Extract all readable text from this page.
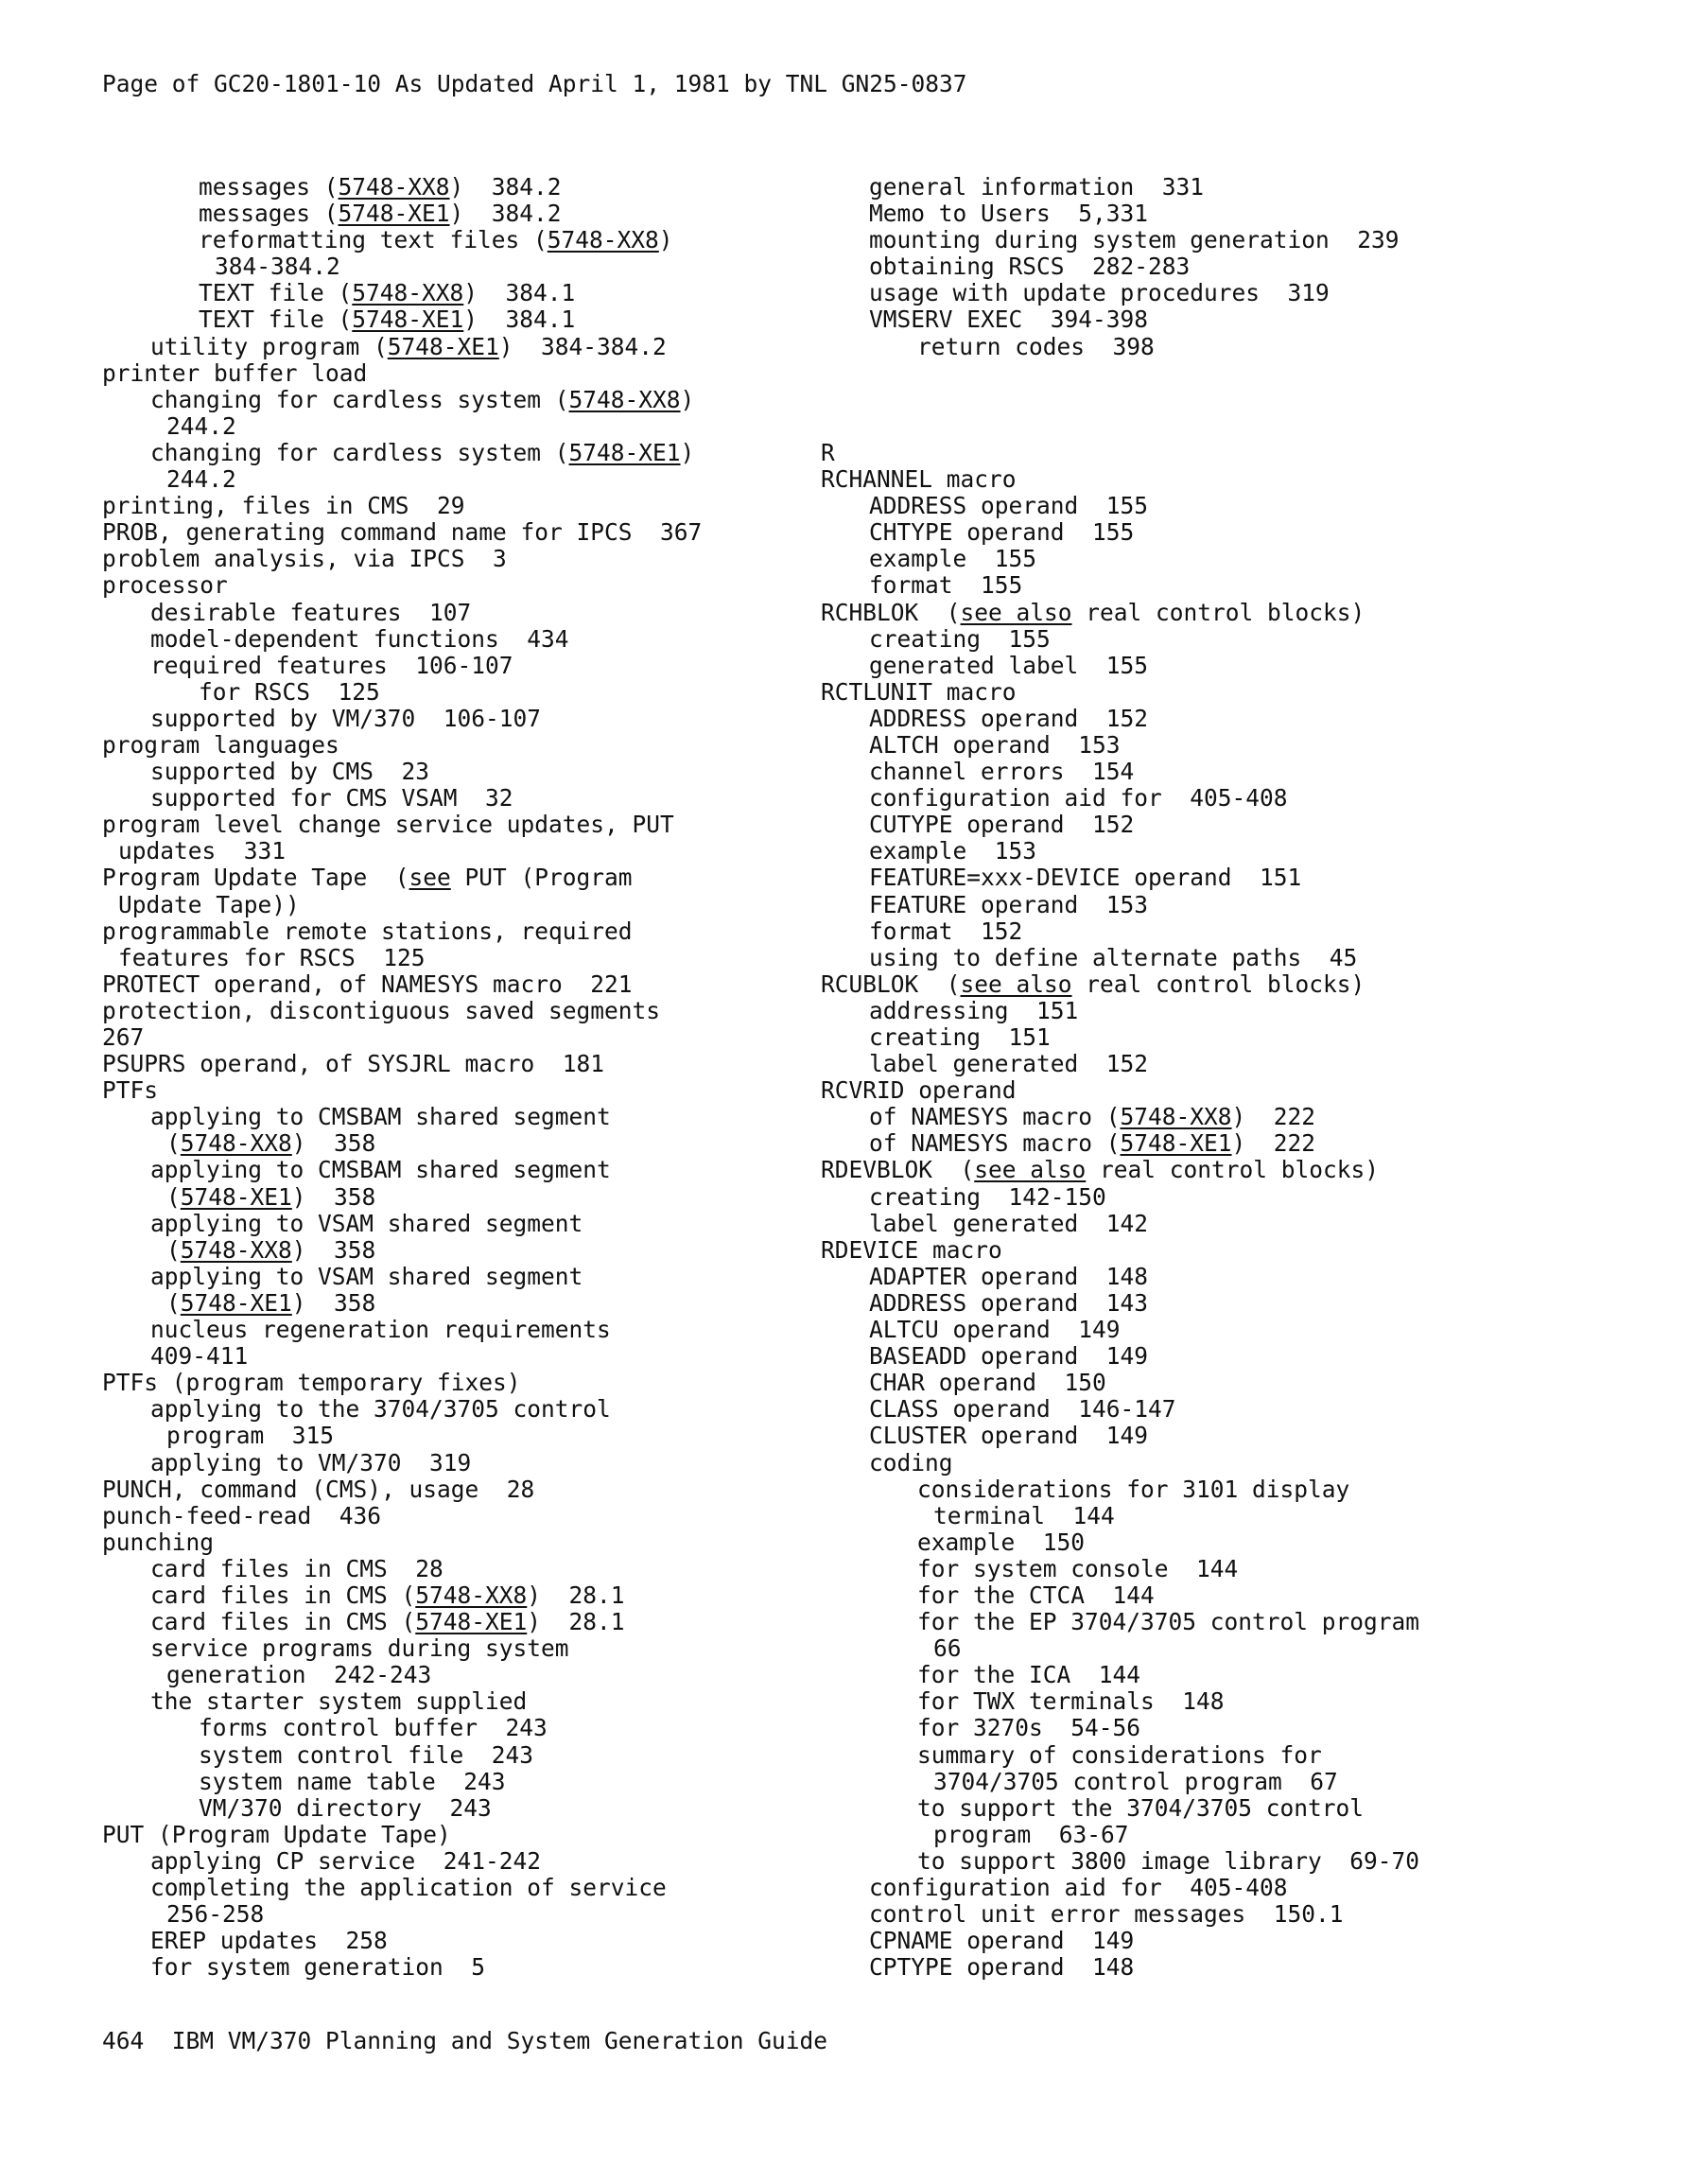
Page of GC20-1801-10 As Updated April 1, 1981 by TNL GN25-0837
messages (5748-XX8)  384.2
messages (5748-XE1)  384.2
reformatting text files (5748-XX8)
384-384.2
TEXT file (5748-XX8)  384.1
TEXT file (5748-XE1)  384.1
utility program (5748-XE1)  384-384.2
printer buffer load
changing for cardless system (5748-XX8)
244.2
changing for cardless system (5748-XE1)
244.2
printing, files in CMS  29
PROB, generating command name for IPCS  367
problem analysis, via IPCS  3
processor
desirable features  107
model-dependent functions  434
required features  106-107
for RSCS  125
supported by VM/370  106-107
program languages
supported by CMS  23
supported for CMS VSAM  32
program level change service updates, PUT
updates  331
Program Update Tape  (see PUT (Program
Update Tape))
programmable remote stations, required
features for RSCS  125
PROTECT operand, of NAMESYS macro  221
protection, discontiguous saved segments
267
PSUPRS operand, of SYSJRL macro  181
PTFs
applying to CMSBAM shared segment
(5748-XX8)  358
applying to CMSBAM shared segment
(5748-XE1)  358
applying to VSAM shared segment
(5748-XX8)  358
applying to VSAM shared segment
(5748-XE1)  358
nucleus regeneration requirements
409-411
PTFs (program temporary fixes)
applying to the 3704/3705 control
program  315
applying to VM/370  319
PUNCH, command (CMS), usage  28
punch-feed-read  436
punching
card files in CMS  28
card files in CMS (5748-XX8)  28.1
card files in CMS (5748-XE1)  28.1
service programs during system
generation  242-243
the starter system supplied
forms control buffer  243
system control file  243
system name table  243
VM/370 directory  243
PUT (Program Update Tape)
applying CP service  241-242
completing the application of service
256-258
EREP updates  258
for system generation  5
general information  331
Memo to Users  5,331
mounting during system generation  239
obtaining RSCS  282-283
usage with update procedures  319
VMSERV EXEC  394-398
return codes  398
R
RCHANNEL macro
ADDRESS operand  155
CHTYPE operand  155
example  155
format  155
RCHBLOK  (see also real control blocks)
creating  155
generated label  155
RCTLUNIT macro
ADDRESS operand  152
ALTCH operand  153
channel errors  154
configuration aid for  405-408
CUTYPE operand  152
example  153
FEATURE=xxx-DEVICE operand  151
FEATURE operand  153
format  152
using to define alternate paths  45
RCUBLOK  (see also real control blocks)
addressing  151
creating  151
label generated  152
RCVRID operand
of NAMESYS macro (5748-XX8)  222
of NAMESYS macro (5748-XE1)  222
RDEVBLOK  (see also real control blocks)
creating  142-150
label generated  142
RDEVICE macro
ADAPTER operand  148
ADDRESS operand  143
ALTCU operand  149
BASEADD operand  149
CHAR operand  150
CLASS operand  146-147
CLUSTER operand  149
coding
considerations for 3101 display
terminal  144
example  150
for system console  144
for the CTCA  144
for the EP 3704/3705 control program
66
for the ICA  144
for TWX terminals  148
for 3270s  54-56
summary of considerations for
3704/3705 control program  67
to support the 3704/3705 control
program  63-67
to support 3800 image library  69-70
configuration aid for  405-408
control unit error messages  150.1
CPNAME operand  149
CPTYPE operand  148
464  IBM VM/370 Planning and System Generation Guide
